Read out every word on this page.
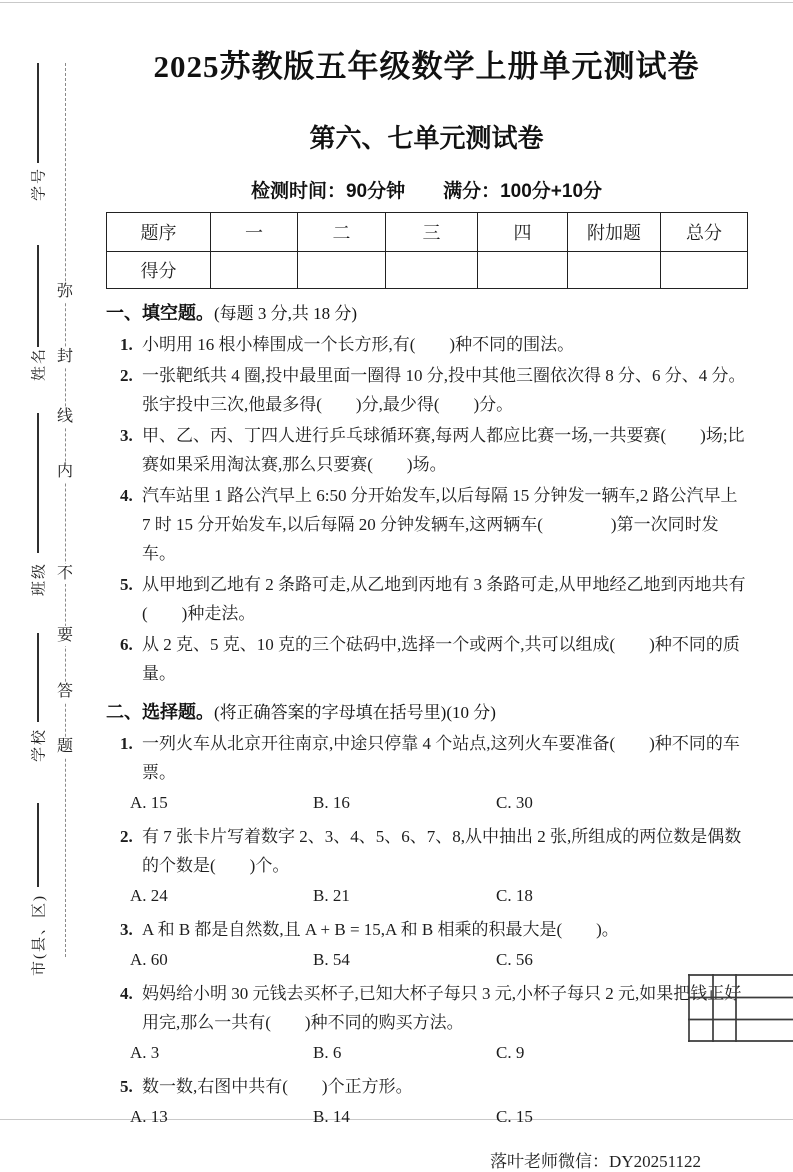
学号
姓名
班级
学校
市(县、区)
弥
封
线
内
不
要
答
题
2025苏教版五年级数学上册单元测试卷
第六、七单元测试卷
检测时间：90分钟 满分：100分+10分
题序	一	二	三	四	附加题	总分
得分						
一、填空题。(每题 3 分,共 18 分)
1. 小明用 16 根小棒围成一个长方形,有(　　)种不同的围法。
2. 一张靶纸共 4 圈,投中最里面一圈得 10 分,投中其他三圈依次得 8 分、6 分、4 分。张宇投中三次,他最多得(　　)分,最少得(　　)分。
3. 甲、乙、丙、丁四人进行乒乓球循环赛,每两人都应比赛一场,一共要赛(　　)场;比赛如果采用淘汰赛,那么只要赛(　　)场。
4. 汽车站里 1 路公汽早上 6:50 分开始发车,以后每隔 15 分钟发一辆车,2 路公汽早上 7 时 15 分开始发车,以后每隔 20 分钟发辆车,这两辆车(　　　　)第一次同时发车。
5. 从甲地到乙地有 2 条路可走,从乙地到丙地有 3 条路可走,从甲地经乙地到丙地共有(　　)种走法。
6. 从 2 克、5 克、10 克的三个砝码中,选择一个或两个,共可以组成(　　)种不同的质量。
二、选择题。(将正确答案的字母填在括号里)(10 分)
1. 一列火车从北京开往南京,中途只停靠 4 个站点,这列火车要准备(　　)种不同的车票。
A. 15	B. 16	C. 30
2. 有 7 张卡片写着数字 2、3、4、5、6、7、8,从中抽出 2 张,所组成的两位数是偶数的个数是(　　)个。
A. 24	B. 21	C. 18
3. A 和 B 都是自然数,且 A + B = 15,A 和 B 相乘的积最大是(　　)。
A. 60	B. 54	C. 56
4. 妈妈给小明 30 元钱去买杯子,已知大杯子每只 3 元,小杯子每只 2 元,如果把钱正好用完,那么一共有(　　)种不同的购买方法。
A. 3	B. 6	C. 9
5. 数一数,右图中共有(　　)个正方形。
A. 13	B. 14	C. 15
落叶老师微信：DY20251122
